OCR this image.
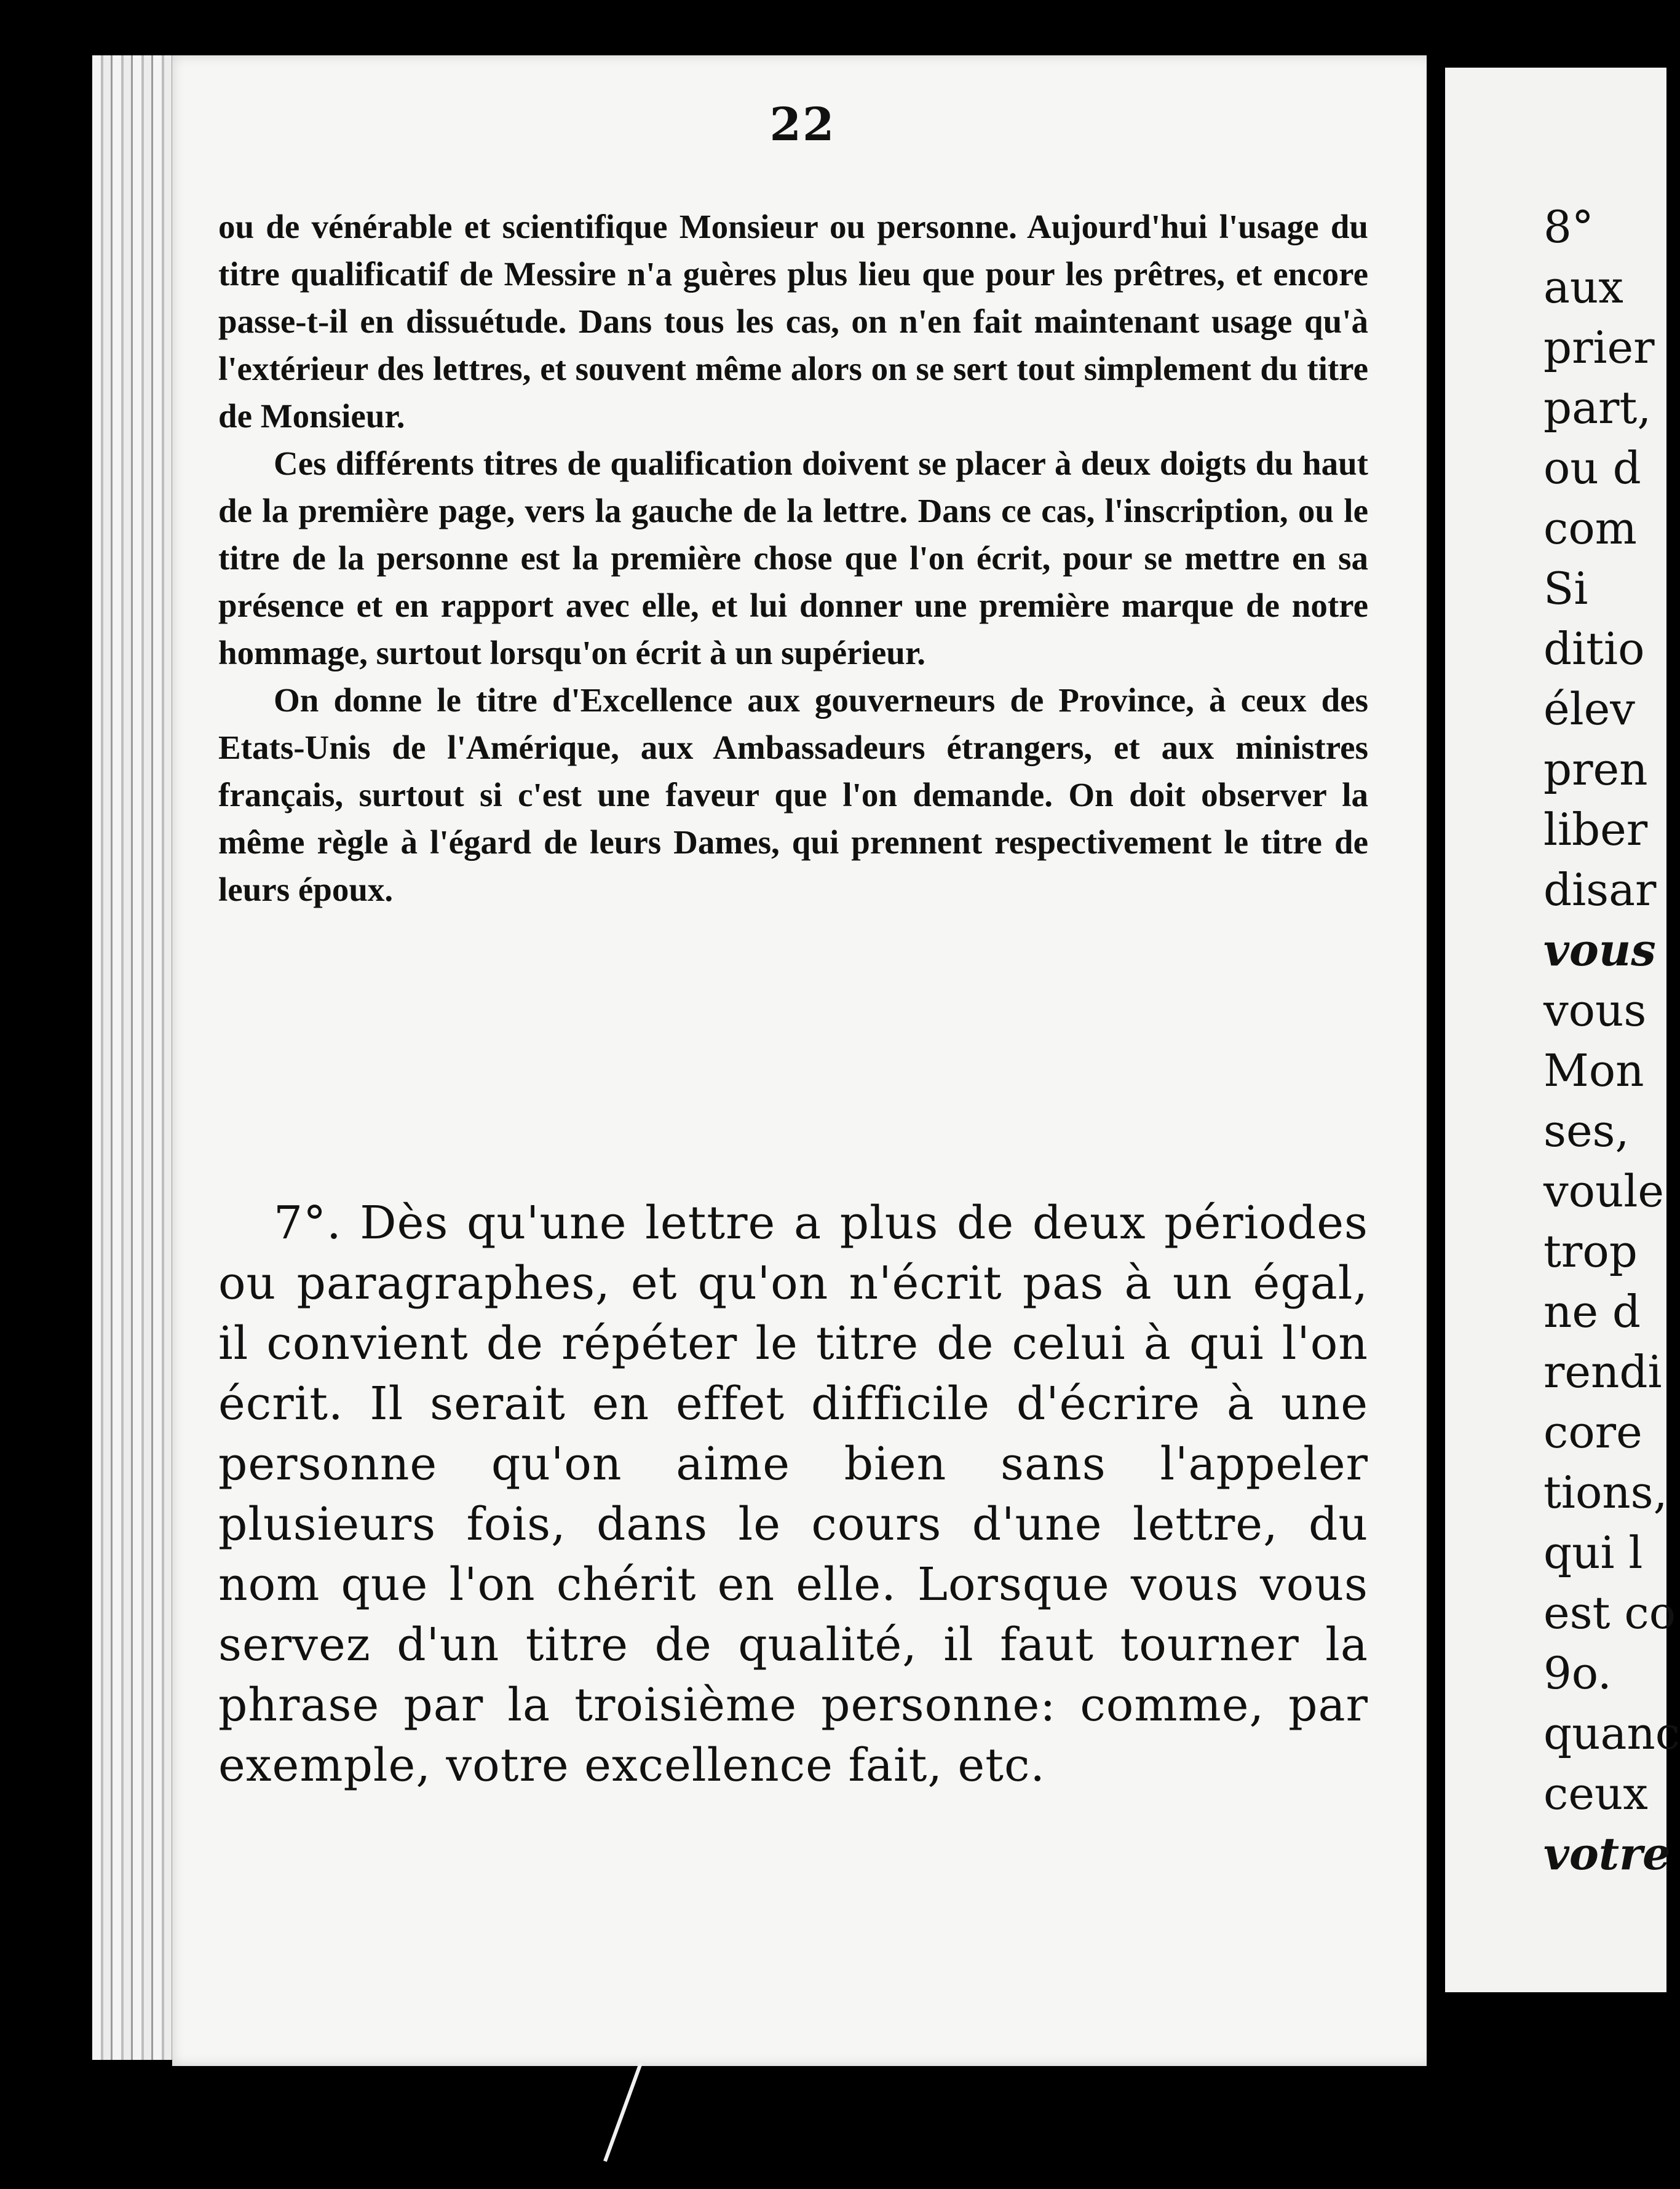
22

ou de vénérable et scientifique Monsieur ou personne. Aujourd'hui l'usage du titre qualificatif de Messire n'a guères plus lieu que pour les prêtres, et encore passe-t-il en dissuétude. Dans tous les cas, on n'en fait maintenant usage qu'à l'extérieur des lettres, et souvent même alors on se sert tout simplement du titre de Monsieur.

Ces différents titres de qualification doivent se placer à deux doigts du haut de la première page, vers la gauche de la lettre. Dans ce cas, l'inscription, ou le titre de la personne est la première chose que l'on écrit, pour se mettre en sa présence et en rapport avec elle, et lui donner une première marque de notre hommage, surtout lorsqu'on écrit à un supérieur.

On donne le titre d'Excellence aux gouverneurs de Province, à ceux des Etats-Unis de l'Amérique, aux Ambassadeurs étrangers, et aux ministres français, surtout si c'est une faveur que l'on demande. On doit observer la même règle à l'égard de leurs Dames, qui prennent respectivement le titre de leurs époux.

7°. Dès qu'une lettre a plus de deux périodes ou paragraphes, et qu'on n'écrit pas à un égal, il convient de répéter le titre de celui à qui l'on écrit. Il serait en effet difficile d'écrire à une personne qu'on aime bien sans l'appeler plusieurs fois, dans le cours d'une lettre, du nom que l'on chérit en elle. Lorsque vous vous servez d'un titre de qualité, il faut tourner la phrase par la troisième personne: comme, par exemple, votre excellence fait, etc.

8°
aux
prier
part,
ou d
com
Si
ditio
élev
pren
liber
disar
vous
vous
Mon
ses,
voule
trop
ne d
rendi
core
tions,
qui l
est co
9o.
quanc
ceux
votre
